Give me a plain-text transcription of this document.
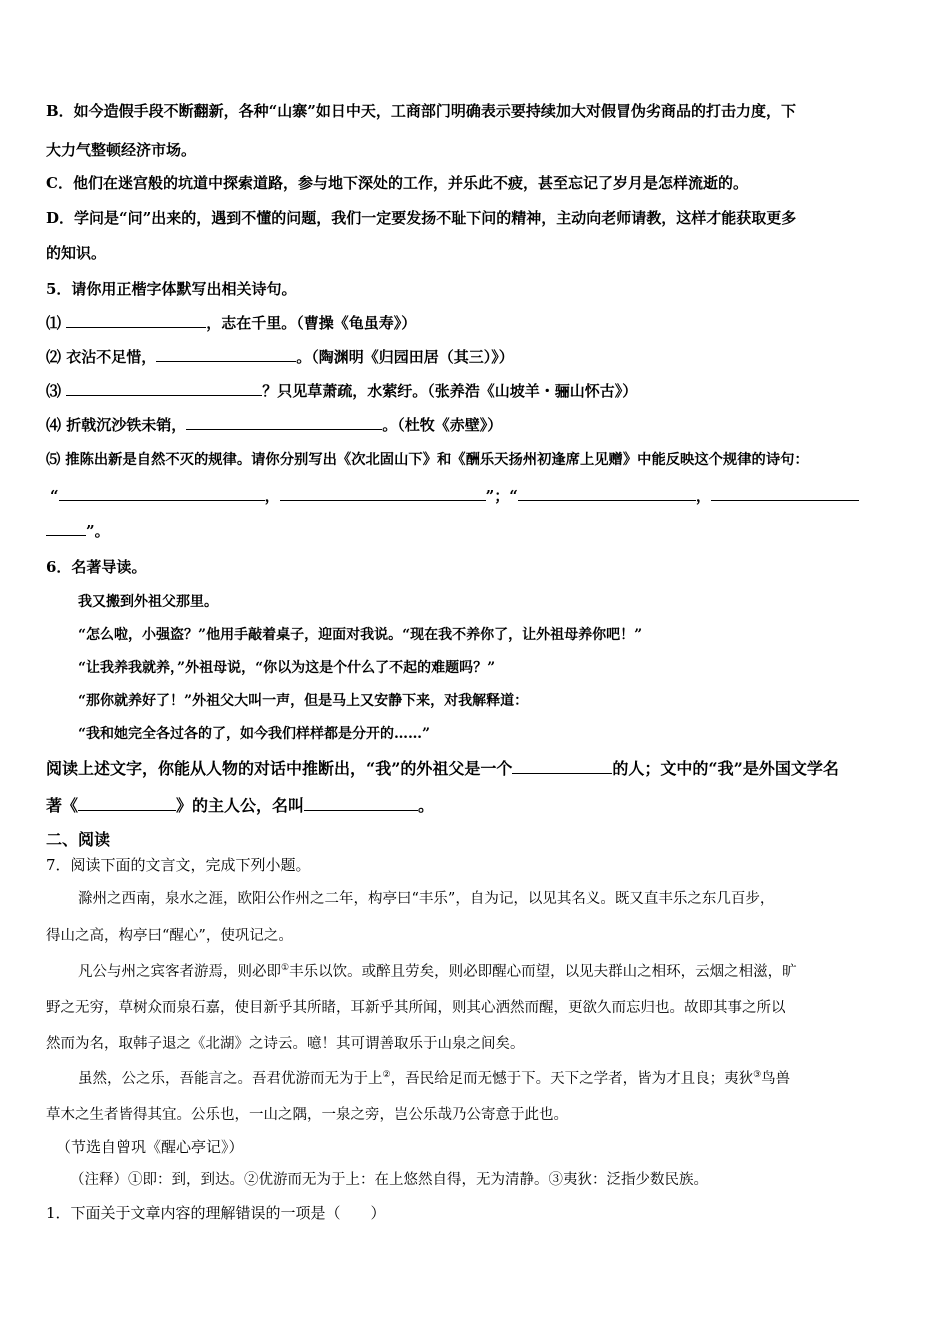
B．如今造假手段不断翻新，各种“山寨”如日中天，工商部门明确表示要持续加大对假冒伪劣商品的打击力度，下
大力气整顿经济市场。
C．他们在迷宫般的坑道中探索道路，参与地下深处的工作，并乐此不疲，甚至忘记了岁月是怎样流逝的。
D．学问是“问”出来的，遇到不懂的问题，我们一定要发扬不耻下问的精神，主动向老师请教，这样才能获取更多
的知识。
5．请你用正楷字体默写出相关诗句。
⑴	，志在千里。（曹操《龟虽寿》）
⑵ 衣沾不足惜，	。（陶渊明《归园田居（其三）》）
⑶	？只见草萧疏，水萦纡。（张养浩《山坡羊・骊山怀古》）
⑷ 折戟沉沙铁未销，	。（杜牧《赤壁》）
⑸ 推陈出新是自然不灭的规律。请你分别写出《次北固山下》和《酬乐天扬州初逢席上见赠》中能反映这个规律的诗句：
“	，	”；“	，
”。
6．名著导读。
我又搬到外祖父那里。
“怎么啦，小强盗？”他用手敲着桌子，迎面对我说。“现在我不养你了，让外祖母养你吧！”
“让我养我就养，”外祖母说，“你以为这是个什么了不起的难题吗？”
“那你就养好了！”外祖父大叫一声，但是马上又安静下来，对我解释道：
“我和她完全各过各的了，如今我们样样都是分开的……”
阅读上述文字，你能从人物的对话中推断出，“我”的外祖父是一个	的人；文中的“我”是外国文学名
著《	》的主人公，名叫	。
二、阅读
7．阅读下面的文言文，完成下列小题。
滁州之西南，泉水之涯，欧阳公作州之二年，构亭曰“丰乐”，自为记，以见其名义。既又直丰乐之东几百步，
得山之高，构亭曰“醒心”，使巩记之。
凡公与州之宾客者游焉，则必即①丰乐以饮。或醉且劳矣，则必即醒心而望，以见夫群山之相环，云烟之相滋，旷
野之无穷，草树众而泉石嘉，使目新乎其所睹，耳新乎其所闻，则其心洒然而醒，更欲久而忘归也。故即其事之所以
然而为名，取韩子退之《北湖》之诗云。噫！其可谓善取乐于山泉之间矣。
虽然，公之乐，吾能言之。吾君优游而无为于上②，吾民给足而无憾于下。天下之学者，皆为才且良；夷狄③鸟兽
草木之生者皆得其宜。公乐也，一山之隅，一泉之旁，岂公乐哉乃公寄意于此也。
（节选自曾巩《醒心亭记》）
（注释）①即：到，到达。②优游而无为于上：在上悠然自得，无为清静。③夷狄：泛指少数民族。
1．下面关于文章内容的理解错误的一项是（　　）
